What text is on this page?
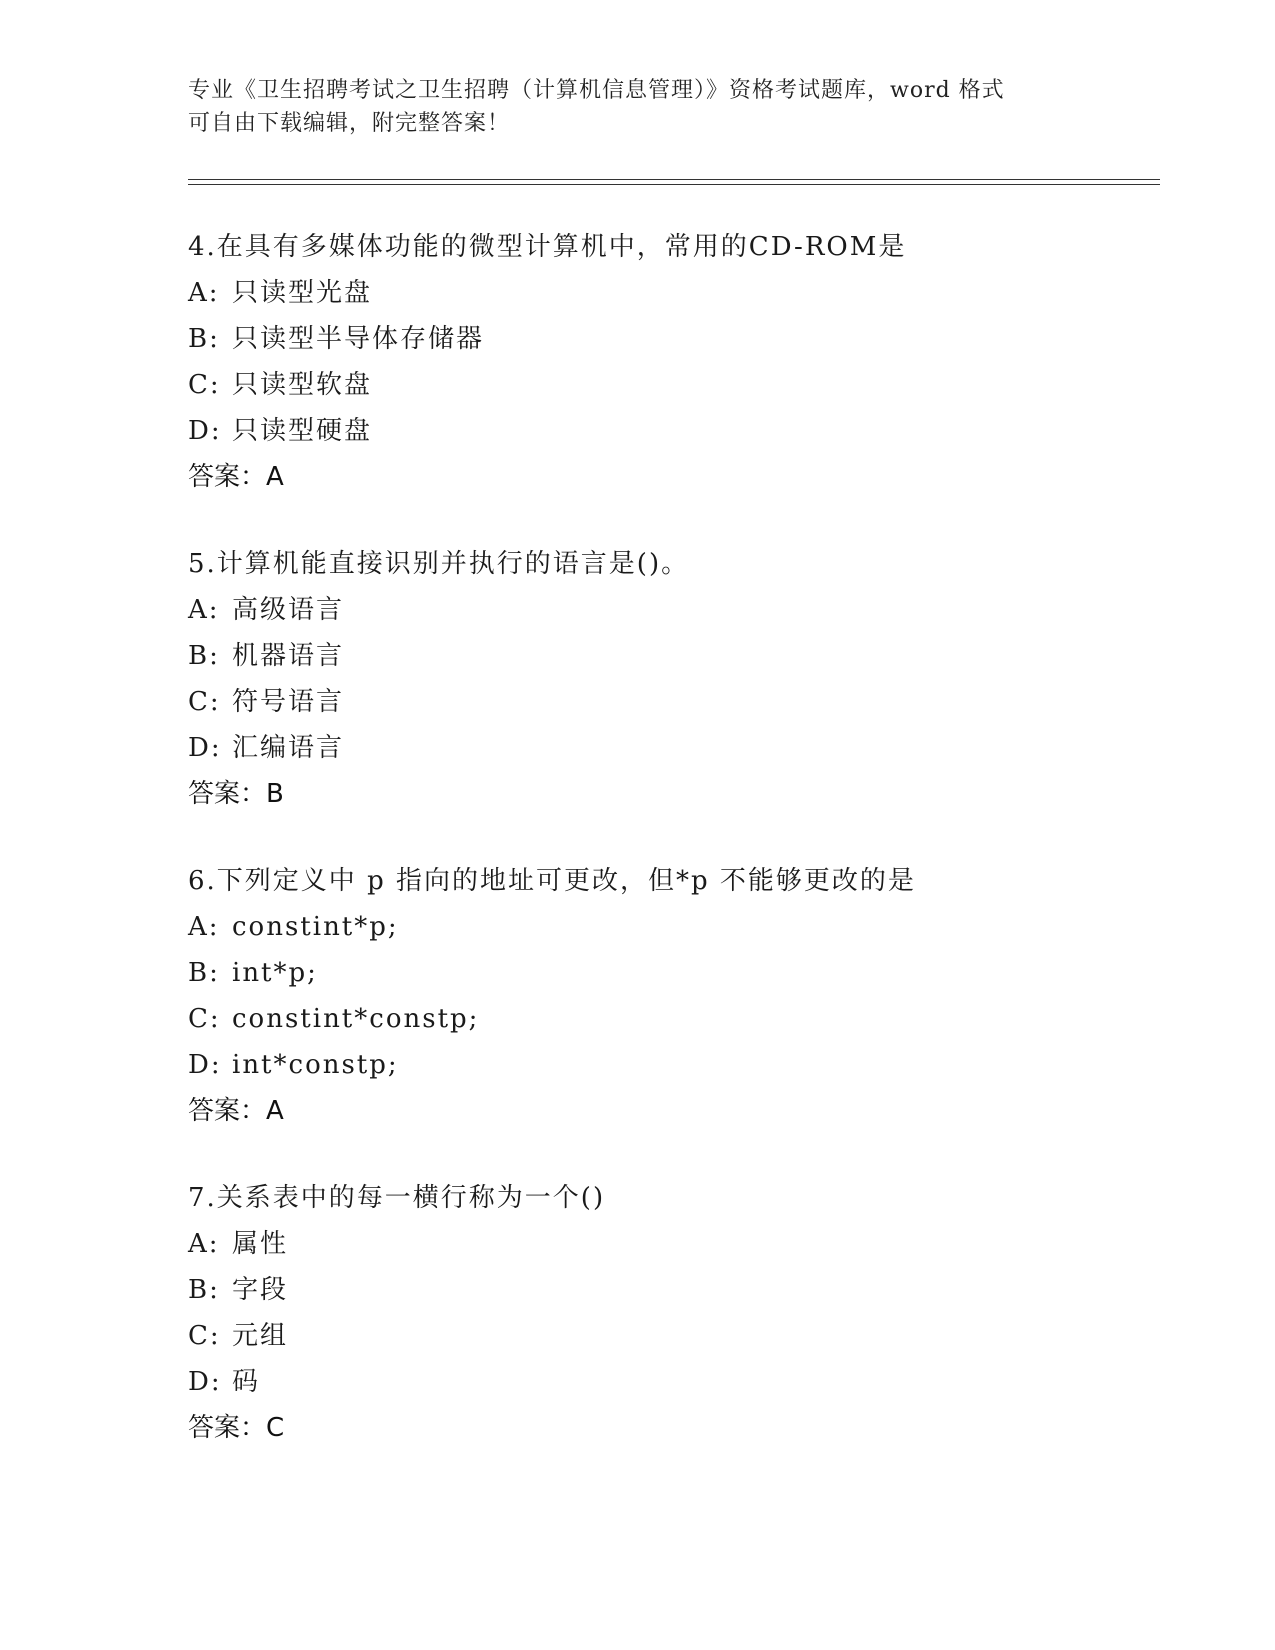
专业《卫生招聘考试之卫生招聘（计算机信息管理）》资格考试题库，word 格式
可自由下载编辑，附完整答案！
4.在具有多媒体功能的微型计算机中，常用的CD-ROM是
A: 只读型光盘
B: 只读型半导体存储器
C: 只读型软盘
D: 只读型硬盘
答案：A
5.计算机能直接识别并执行的语言是()。
A: 高级语言
B: 机器语言
C: 符号语言
D: 汇编语言
答案：B
6.下列定义中 p 指向的地址可更改，但*p 不能够更改的是
A: constint*p;
B: int*p;
C: constint*constp;
D: int*constp;
答案：A
7.关系表中的每一横行称为一个()
A: 属性
B: 字段
C: 元组
D: 码
答案：C
